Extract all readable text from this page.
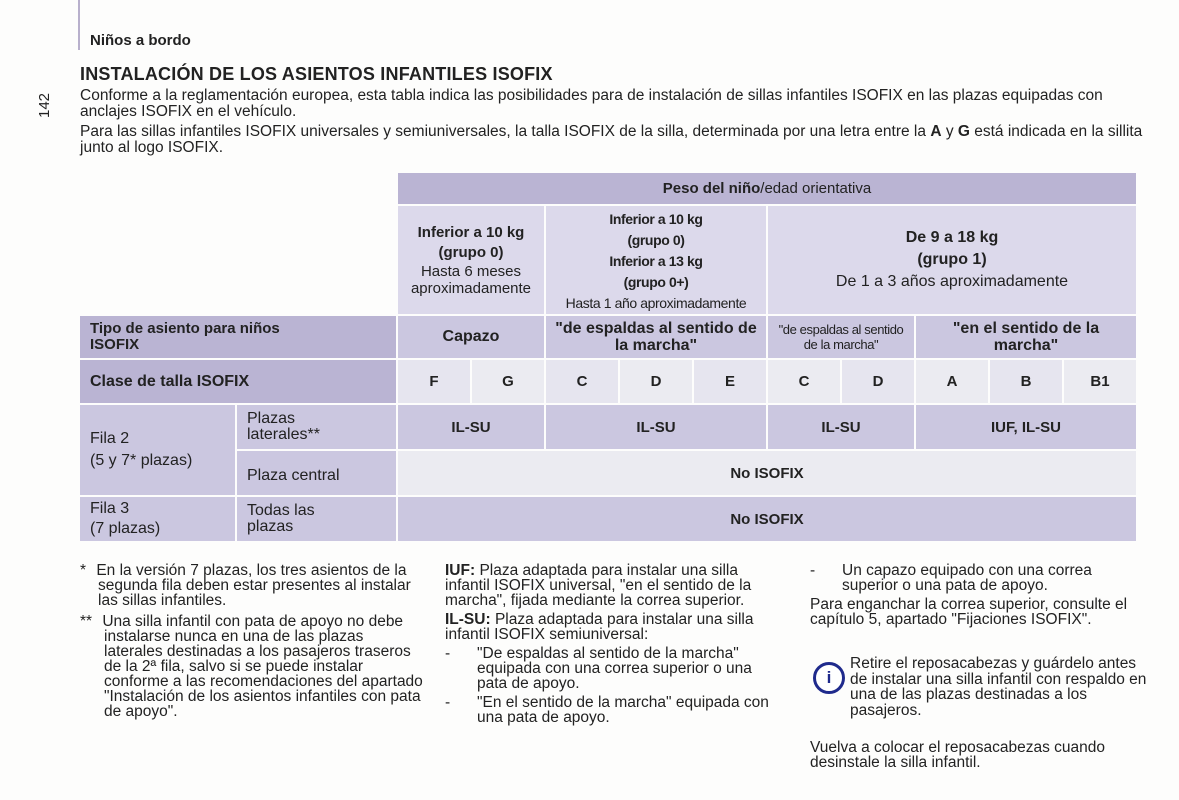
Niños a bordo
142
INSTALACIÓN DE LOS ASIENTOS INFANTILES ISOFIX

Conforme a la reglamentación europea, esta tabla indica las posibilidades para de instalación de sillas infantiles ISOFIX en las plazas equipadas con anclajes ISOFIX en el vehículo.

Para las sillas infantiles ISOFIX universales y semiuniversales, la talla ISOFIX de la silla, determinada por una letra entre la A y G está indicada en la sillita junto al logo ISOFIX.

		Peso del niño/edad orientativa									

Inferior a 10 kg
(grupo 0)
Hasta 6 meses
aproximadamente

Inferior a 10 kg
(grupo 0)
Inferior a 13 kg
(grupo 0+)
Hasta 1 año aproximadamente

De 9 a 18 kg
(grupo 1)
De 1 a 3 años aproximadamente

Tipo de asiento para niños ISOFIX		Capazo		"de espaldas al sentido de la marcha"			"de espaldas al sentido de la marcha"		"en el sentido de la marcha"		
Clase de talla ISOFIX		F	G	C	D	E	C	D	A	B	B1

Fila 2
(5 y 7* plazas)	Plazas laterales**	IL-SU		IL-SU			IL-SU		IUF, IL-SU		
	Plaza central	No ISOFIX									

Fila 3
(7 plazas)	Todas las plazas	No ISOFIX									

* En la versión 7 plazas, los tres asientos de la segunda fila deben estar presentes al instalar las sillas infantiles.

** Una silla infantil con pata de apoyo no debe instalarse nunca en una de las plazas laterales destinadas a los pasajeros traseros de la 2ª fila, salvo si se puede instalar conforme a las recomendaciones del apartado "Instalación de los asientos infantiles con pata de apoyo".

IUF: Plaza adaptada para instalar una silla infantil ISOFIX universal, "en el sentido de la marcha", fijada mediante la correa superior.

IL-SU: Plaza adaptada para instalar una silla infantil ISOFIX semiuniversal:

- "De espaldas al sentido de la marcha" equipada con una correa superior o una pata de apoyo.

- "En el sentido de la marcha" equipada con una pata de apoyo.

- Un capazo equipado con una correa superior o una pata de apoyo.

Para enganchar la correa superior, consulte el capítulo 5, apartado "Fijaciones ISOFIX".

i
Retire el reposacabezas y guárdelo antes de instalar una silla infantil con respaldo en una de las plazas destinadas a los pasajeros.
Vuelva a colocar el reposacabezas cuando desinstale la silla infantil.
